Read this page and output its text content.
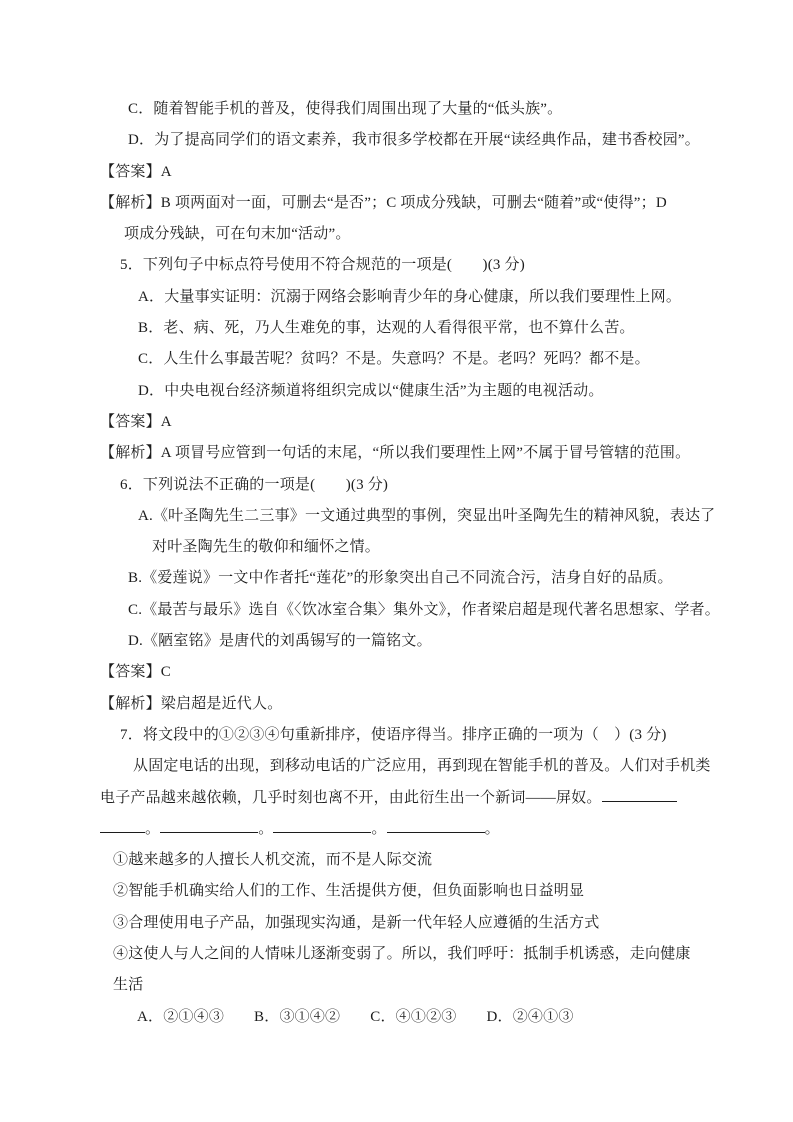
C．随着智能手机的普及，使得我们周围出现了大量的“低头族”。
D．为了提高同学们的语文素养，我市很多学校都在开展“读经典作品，建书香校园”。
【答案】A
【解析】B 项两面对一面，可删去“是否”；C 项成分残缺，可删去“随着”或“使得”；D
项成分残缺，可在句末加“活动”。
5．下列句子中标点符号使用不符合规范的一项是(　　)(3 分)
A．大量事实证明：沉溺于网络会影响青少年的身心健康，所以我们要理性上网。
B．老、病、死，乃人生难免的事，达观的人看得很平常，也不算什么苦。
C．人生什么事最苦呢？贫吗？不是。失意吗？不是。老吗？死吗？都不是。
D．中央电视台经济频道将组织完成以“健康生活”为主题的电视活动。
【答案】A
【解析】A 项冒号应管到一句话的末尾，“所以我们要理性上网”不属于冒号管辖的范围。
6．下列说法不正确的一项是(　　)(3 分)
A.《叶圣陶先生二三事》一文通过典型的事例，突显出叶圣陶先生的精神风貌，表达了
对叶圣陶先生的敬仰和缅怀之情。
B.《爱莲说》一文中作者托“莲花”的形象突出自己不同流合污，洁身自好的品质。
C.《最苦与最乐》选自《〈饮冰室合集〉集外文》，作者梁启超是现代著名思想家、学者。
D.《陋室铭》是唐代的刘禹锡写的一篇铭文。
【答案】C
【解析】梁启超是近代人。
7．将文段中的①②③④句重新排序，使语序得当。排序正确的一项为（　）(3 分)
从固定电话的出现，到移动电话的广泛应用，再到现在智能手机的普及。人们对手机类
电子产品越来越依赖，几乎时刻也离不开，由此衍生出一个新词——屏奴。
。	。	。	。
①越来越多的人擅长人机交流，而不是人际交流
②智能手机确实给人们的工作、生活提供方便，但负面影响也日益明显
③合理使用电子产品，加强现实沟通，是新一代年轻人应遵循的生活方式
④这使人与人之间的人情味儿逐渐变弱了。所以，我们呼吁：抵制手机诱惑，走向健康
生活
A．②①④③ B．③①④② C．④①②③ D．②④①③
